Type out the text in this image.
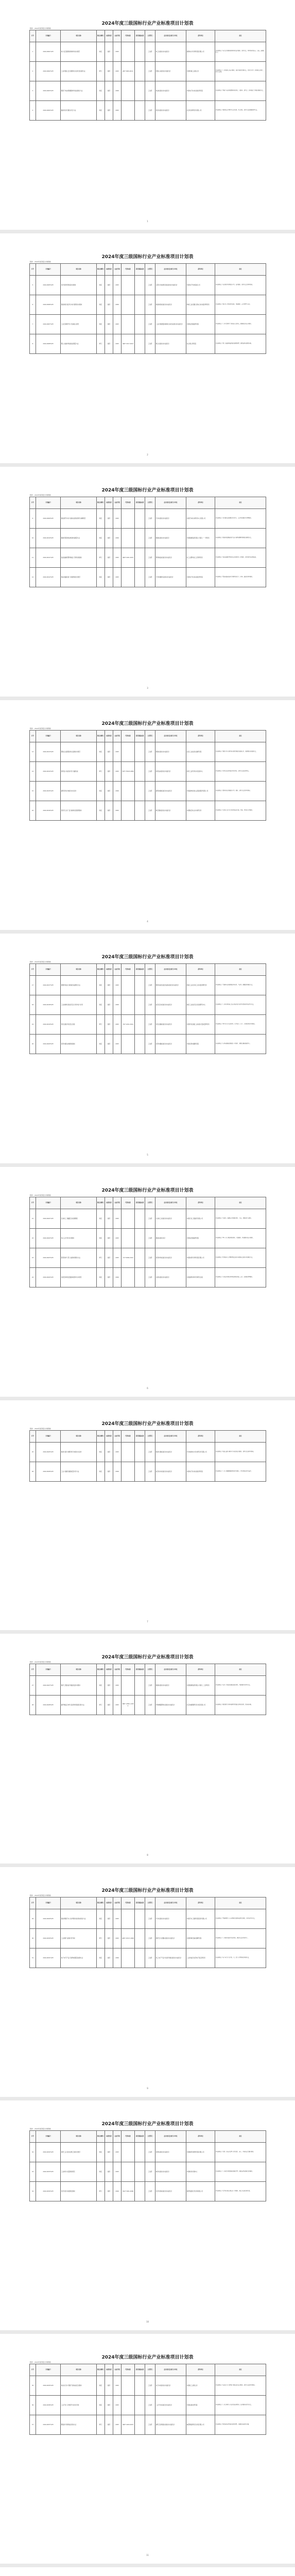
2024年度三级国标行业产业标准项目计划表
附件：2024年度项目计划明细
序号	计划编号	项目名称	制定或修订	标准性质	完成年限	代替标准	采用国际标准	主管部门	技术委员会或归口单位	起草单位	备注
1	2024-0001T-ZH	电力变压器用绝缘材料技术规范	制定	推荐	2025			工信部	电工标准化技术委员会	国网电力科学研究院有限公司	本标准规定了电力变压器用绝缘材料的技术要求、试验方法、检验规则及标志、包装、运输和贮存。
2	2024-0002T-ZH	工业机器人安全通用技术条件及检测方法	修订	推荐	2025	JB/T 5063-2014		工信部	机器人标准化技术委员会	中国机械工业联合会	本标准规定了工业机器人的安全要求、防护措施及检测方法，适用于各类工业机器人的设计、制造与使用。
3	2024-0003T-ZH	锂离子电池用隔膜材料性能测试方法	制定	推荐	2026			工信部	电池标准化技术委员会	中国电子技术标准化研究院	本标准规定了锂离子电池用隔膜材料的厚度、孔隙率、透气度、拉伸强度等性能的测试方法。
4	2024-0004T-ZH	数控机床可靠性评定方法	制定	推荐	2025			工信部	机床标准化技术委员会	北京机床研究所有限公司	本标准规定了数控机床可靠性评定的术语、评定指标、试验方法和数据处理方法。
1
2024年度三级国标行业产业标准项目计划表
附件：2024年度项目计划明细
序号	计划编号	项目名称	制定或修订	标准性质	完成年限	代替标准	采用国际标准	主管部门	技术委员会或归口单位	起草单位	备注
5	2024-0005T-ZH	光伏组件用背板技术要求	制定	推荐	2025			工信部	太阳光伏能源系统标准化技术委员会	中国电子科技集团公司	本标准规定了光伏组件用背板的分类、技术要求、试验方法及检验规则。
6	2024-0006T-ZH	智能制造 数字化车间 通用技术要求	制定	推荐	2026			工信部	智能制造标准化技术委员会	机械工业仪器仪表综合技术经济研究所	本标准规定了数字化车间的体系结构、基础要求、运行管理等内容。
7	2024-0007T-ZH	工业互联网平台 设备接入规范	制定	推荐	2025			工信部	工业过程测量控制和自动化标准化技术委员会	中国信息通信研究院	本标准规定了工业互联网平台设备接入的协议、数据格式和安全要求。
8	2024-0008T-ZH	稀土永磁材料磁性能测量方法	修订	推荐	2025	GB/T 3217-2013		工信部	稀土标准化技术委员会	包头稀土研究院	本标准规定了稀土永磁材料磁性能的测量原理、测量装置和测量步骤。
2
2024年度三级国标行业产业标准项目计划表
附件：2024年度项目计划明细
序号	计划编号	项目名称	制定或修订	标准性质	完成年限	代替标准	采用国际标准	主管部门	技术委员会或归口单位	起草单位	备注
9	2024-0009T-ZH	新能源汽车动力蓄电池回收利用 拆解规范	制定	推荐	2025			工信部	汽车标准化技术委员会	中国汽车技术研究中心有限公司	本标准规定了动力蓄电池拆解的作业程序、安全环保要求及管理要求。
10	2024-0010T-ZH	船舶用低速柴油机排放测量方法	制定	推荐	2026			工信部	船舶标准化技术委员会	中国船舶集团有限公司第七一一研究所	本标准规定了船舶用低速柴油机气态污染物和颗粒物排放的测量方法。
11	2024-0011T-ZH	食品接触用塑料制品 迁移试验通则	修订	推荐	2025	QB/T 1001-2015		工信部	塑料制品标准化技术委员会	轻工业塑料加工应用研究所	本标准规定了食品接触用塑料制品迁移试验的一般要求、试验条件和结果表述。
12	2024-0012T-ZH	集成电路封装 引线框架技术规范	制定	推荐	2025			工信部	半导体器件标准化技术委员会	中国电子技术标准化研究院	本标准规定了集成电路封装用引线框架的尺寸、材料、镀层及检验要求。
3
2024年度三级国标行业产业标准项目计划表
附件：2024年度项目计划明细
序号	计划编号	项目名称	制定或修订	标准性质	完成年限	代替标准	采用国际标准	主管部门	技术委员会或归口单位	起草单位	备注
13	2024-0013T-ZH	钢铁企业超低排放 监测技术规范	制定	推荐	2025			工信部	钢铁标准化技术委员会	冶金工业信息标准研究院	本标准规定了钢铁企业有组织和无组织排放的监测点位、监测频次和监测方法。
14	2024-0014T-ZH	纺织品 功能性评价 抗菌性能	修订	推荐	2025	FZ/T 73023-2006		工信部	纺织品标准化技术委员会	纺织工业科学技术发展中心	本标准规定了纺织品抗菌性能的评价指标、试验方法和结果判定。
15	2024-0015T-ZH	建筑用光伏玻璃 技术条件	制定	推荐	2026			工信部	建筑玻璃标准化技术委员会	中国建材检验认证集团股份有限公司	本标准规定了建筑用光伏玻璃的分类、要求、试验方法及检验规则。
16	2024-0016T-ZH	民用无人机 飞行控制系统通用要求	制定	推荐	2025			工信部	航空器标准化技术委员会	中国航空综合技术研究所	本标准规定了民用无人机飞行控制系统的功能、性能、环境适应性要求。
4
2024年度三级国标行业产业标准项目计划表
附件：2024年度项目计划明细
序号	计划编号	项目名称	制定或修订	标准性质	完成年限	代替标准	采用国际标准	主管部门	技术委员会或归口单位	起草单位	备注
17	2024-0017T-ZH	氢燃料电池 双极板性能测试方法	制定	推荐	2025			工信部	燃料电池及液流电池标准化技术委员会	机械工业北京电工技术经济研究所	本标准规定了氢燃料电池双极板的导电性、气密性、耐腐蚀性测试方法。
18	2024-0018T-ZH	工业控制系统信息安全 防护能力评价	制定	推荐	2026			工信部	信息安全标准化技术委员会	国家工业信息安全发展研究中心	本标准规定了工业控制系统信息安全防护能力的评价指标体系和评价方法。
19	2024-0019T-ZH	有色金属 再生铝合金锭	修订	推荐	2025	YS/T 1001-2014		工信部	有色金属标准化技术委员会	中国有色金属工业标准计量质量研究所	本标准规定了再生铝合金锭的牌号、化学成分、尺寸、外观质量及检验规则。
20	2024-0020T-ZH	家用电器 能效测试通则	制定	推荐	2025			工信部	家用电器标准化技术委员会	中国家用电器研究院	本标准规定了家用电器能效测试的一般条件、测量仪器和测试程序。
5
2024年度三级国标行业产业标准项目计划表
附件：2024年度项目计划明细
序号	计划编号	项目名称	制定或修订	标准性质	完成年限	代替标准	采用国际标准	主管部门	技术委员会或归口单位	起草单位	备注
21	2024-0021T-ZH	石油化工 储罐安全检测规程	制定	推荐	2025			工信部	石油化工标准化技术委员会	中国石化工程建设有限公司	本标准规定了石油化工储罐安全检测的项目、方法、周期和评定要求。
22	2024-0022T-ZH	5G工业专网 技术要求	制定	推荐	2025			工信部	通信标准化协会	中国信息通信研究院	本标准规定了5G工业专网的网络架构、功能要求、性能要求和安全要求。
23	2024-0023T-ZH	医用防护口罩 过滤效率测试方法	修订	推荐	2025	YY/T 0969-2013		工信部	医用材料标准化技术委员会	中国纺织科学研究院有限公司	本标准规定了医用防护口罩颗粒物过滤效率和细菌过滤效率的测试方法。
24	2024-0024T-ZH	水泥窑协同处置固体废物 技术规范	制定	推荐	2026			工信部	水泥标准化技术委员会	中国建筑材料科学研究总院	本标准规定了水泥窑协同处置固体废物的设施、运行、监测和管理要求。
6
2024年度三级国标行业产业标准项目计划表
附件：2024年度项目计划明细
序号	计划编号	项目名称	制定或修订	标准性质	完成年限	代替标准	采用国际标准	主管部门	技术委员会或归口单位	起草单位	备注
25	2024-0025T-ZH	轨道交通 车辆用牵引电机技术条件	制定	推荐	2025			工信部	轨道交通标准化技术委员会	中车株洲电力机车研究所有限公司	本标准规定了轨道交通车辆用牵引电机的技术要求、试验方法和检验规则。
26	2024-0026T-ZH	工业大数据 数据质量评价方法	制定	推荐	2026			工信部	信息技术标准化技术委员会	中国电子技术标准化研究院	本标准规定了工业大数据数据质量的评价维度、评价指标和评价流程。
7
2024年度三级国标行业产业标准项目计划表
附件：2024年度项目计划明细
序号	计划编号	项目名称	制定或修订	标准性质	完成年限	代替标准	采用国际标准	主管部门	技术委员会或归口单位	起草单位	备注
27	2024-0027T-ZH	海洋工程装备 防腐涂层技术要求	制定	推荐	2025			工信部	船舶标准化技术委员会	中国船舶集团有限公司第七二五研究所	本标准规定了海洋工程装备防腐涂层的体系、性能要求及检验方法。
28	2024-0028T-ZH	碳纤维复合材料 层间剪切强度试验方法	修订	推荐	2025	GB/T 1450.1-2005		工信部	纤维增强塑料标准化技术委员会	北京玻璃钢研究设计院有限公司	本标准规定了碳纤维复合材料层间剪切强度试验的试样、设备和步骤。
8
2024年度三级国标行业产业标准项目计划表
附件：2024年度项目计划明细
序号	计划编号	项目名称	制定或修订	标准性质	完成年限	代替标准	采用国际标准	主管部门	技术委员会或归口单位	起草单位	备注
29	2024-0029T-ZH	智能网联汽车 自动驾驶功能场地试验方法	制定	推荐	2025			工信部	汽车标准化技术委员会	中国汽车工程研究院股份有限公司	本标准规定了智能网联汽车自动驾驶功能场地试验的场景、条件和评价方法。
30	2024-0030T-ZH	工业锅炉 能效评价导则	修订	推荐	2025	GB/T 15317-2009		工信部	锅炉压力容器标准化技术委员会	中国特种设备检测研究院	本标准规定了工业锅炉能效评价的指标、测试方法和评价程序。
31	2024-0031T-ZH	电子电气产品 有害物质限量检测方法	制定	推荐	2026			工信部	电工电子产品与系统环境标准化技术委员会	工业和信息化部电子第五研究所	本标准规定了电子电气产品中铅、汞、镉等有害物质的检测方法。
9
2024年度三级国标行业产业标准项目计划表
附件：2024年度项目计划明细
序号	计划编号	项目名称	制定或修订	标准性质	完成年限	代替标准	采用国际标准	主管部门	技术委员会或归口单位	起草单位	备注
32	2024-0032T-ZH	造纸工业 废水处理工程技术规范	制定	推荐	2025			工信部	造纸标准化技术委员会	中国制浆造纸研究院有限公司	本标准规定了造纸工业废水处理工程的设计、施工、验收和运行维护要求。
33	2024-0033T-ZH	工业软件 质量测试规范	制定	推荐	2025			工信部	软件标准化技术委员会	中国软件评测中心	本标准规定了工业软件质量测试的测试类型、测试流程和测试文档要求。
34	2024-0034T-ZH	化学试剂 纯度测定通则	修订	推荐	2026	HG/T 3921-2006		工信部	化学试剂标准化技术委员会	国药集团化学试剂有限公司	本标准规定了化学试剂纯度测定的一般要求、测定方法和结果计算。
10
2024年度三级国标行业产业标准项目计划表
附件：2024年度项目计划明细
序号	计划编号	项目名称	制定或修订	标准性质	完成年限	代替标准	采用国际标准	主管部门	技术委员会或归口单位	起草单位	备注
35	2024-0035T-ZH	电动自行车 锂离子蓄电池安全要求	制定	推荐	2025			工信部	自行车标准化技术委员会	中国轻工业联合会	本标准规定了电动自行车用锂离子蓄电池的安全要求、试验方法和检验规则。
36	2024-0036T-ZH	工业节水 冷却塔节水技术导则	制定	推荐	2025			工信部	工业节水标准化技术委员会	中国标准化研究院	本标准规定了工业冷却塔节水技术的选用原则、技术要求和评价方法。
37	2024-0037T-ZH	陶瓷砖 防滑性能试验方法	修订	推荐	2025	GB/T 4100-2015		工信部	建筑卫生陶瓷标准化技术委员会	咸阳陶瓷研究设计院有限公司	本标准规定了陶瓷砖防滑性能的试验原理、仪器设备和试验步骤。
11
